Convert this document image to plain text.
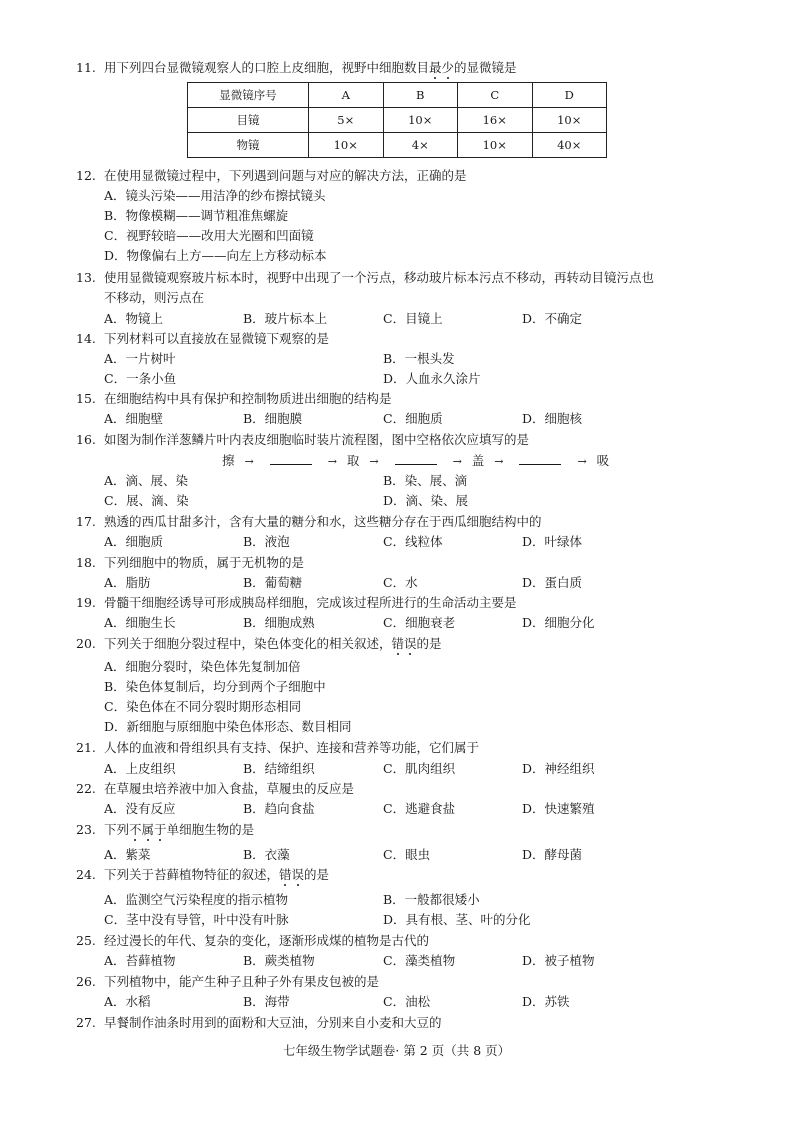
11. 用下列四台显微镜观察人的口腔上皮细胞，视野中细胞数目最少的显微镜是
显微镜序号	A	B	C	D
目镜	5×	10×	16×	10×
物镜	10×	4×	10×	40×
12. 在使用显微镜过程中，下列遇到问题与对应的解决方法，正确的是
A．镜头污染——用洁净的纱布擦拭镜头
B．物像模糊——调节粗准焦螺旋
C．视野较暗——改用大光圈和凹面镜
D．物像偏右上方——向左上方移动标本
13. 使用显微镜观察玻片标本时，视野中出现了一个污点，移动玻片标本污点不移动，再转动目镜污点也
不移动，则污点在
A．物镜上	B．玻片标本上	C．目镜上	D．不确定
14. 下列材料可以直接放在显微镜下观察的是
A．一片树叶	B．一根头发
C．一条小鱼	D．人血永久涂片
15. 在细胞结构中具有保护和控制物质进出细胞的结构是
A．细胞壁	B．细胞膜	C．细胞质	D．细胞核
16. 如图为制作洋葱鳞片叶内表皮细胞临时装片流程图，图中空格依次应填写的是
擦 →	→ 取 →	→ 盖 →	→ 吸
A．滴、展、染	B．染、展、滴
C．展、滴、染	D．滴、染、展
17. 熟透的西瓜甘甜多汁，含有大量的糖分和水，这些糖分存在于西瓜细胞结构中的
A．细胞质	B．液泡	C．线粒体	D．叶绿体
18. 下列细胞中的物质，属于无机物的是
A．脂肪	B．葡萄糖	C．水	D．蛋白质
19. 骨髓干细胞经诱导可形成胰岛样细胞，完成该过程所进行的生命活动主要是
A．细胞生长	B．细胞成熟	C．细胞衰老	D．细胞分化
20. 下列关于细胞分裂过程中，染色体变化的相关叙述，错误的是
A．细胞分裂时，染色体先复制加倍
B．染色体复制后，均分到两个子细胞中
C．染色体在不同分裂时期形态相同
D．新细胞与原细胞中染色体形态、数目相同
21. 人体的血液和骨组织具有支持、保护、连接和营养等功能，它们属于
A．上皮组织	B．结缔组织	C．肌肉组织	D．神经组织
22. 在草履虫培养液中加入食盐，草履虫的反应是
A．没有反应	B．趋向食盐	C．逃避食盐	D．快速繁殖
23. 下列不属于单细胞生物的是
A．紫菜	B．衣藻	C．眼虫	D．酵母菌
24. 下列关于苔藓植物特征的叙述，错误的是
A．监测空气污染程度的指示植物	B．一般都很矮小
C．茎中没有导管，叶中没有叶脉	D．具有根、茎、叶的分化
25. 经过漫长的年代、复杂的变化，逐渐形成煤的植物是古代的
A．苔藓植物	B．蕨类植物	C．藻类植物	D．被子植物
26. 下列植物中，能产生种子且种子外有果皮包被的是
A．水稻	B．海带	C．油松	D．苏铁
27. 早餐制作油条时用到的面粉和大豆油，分别来自小麦和大豆的
七年级生物学试题卷· 第 2 页（共 8 页）
